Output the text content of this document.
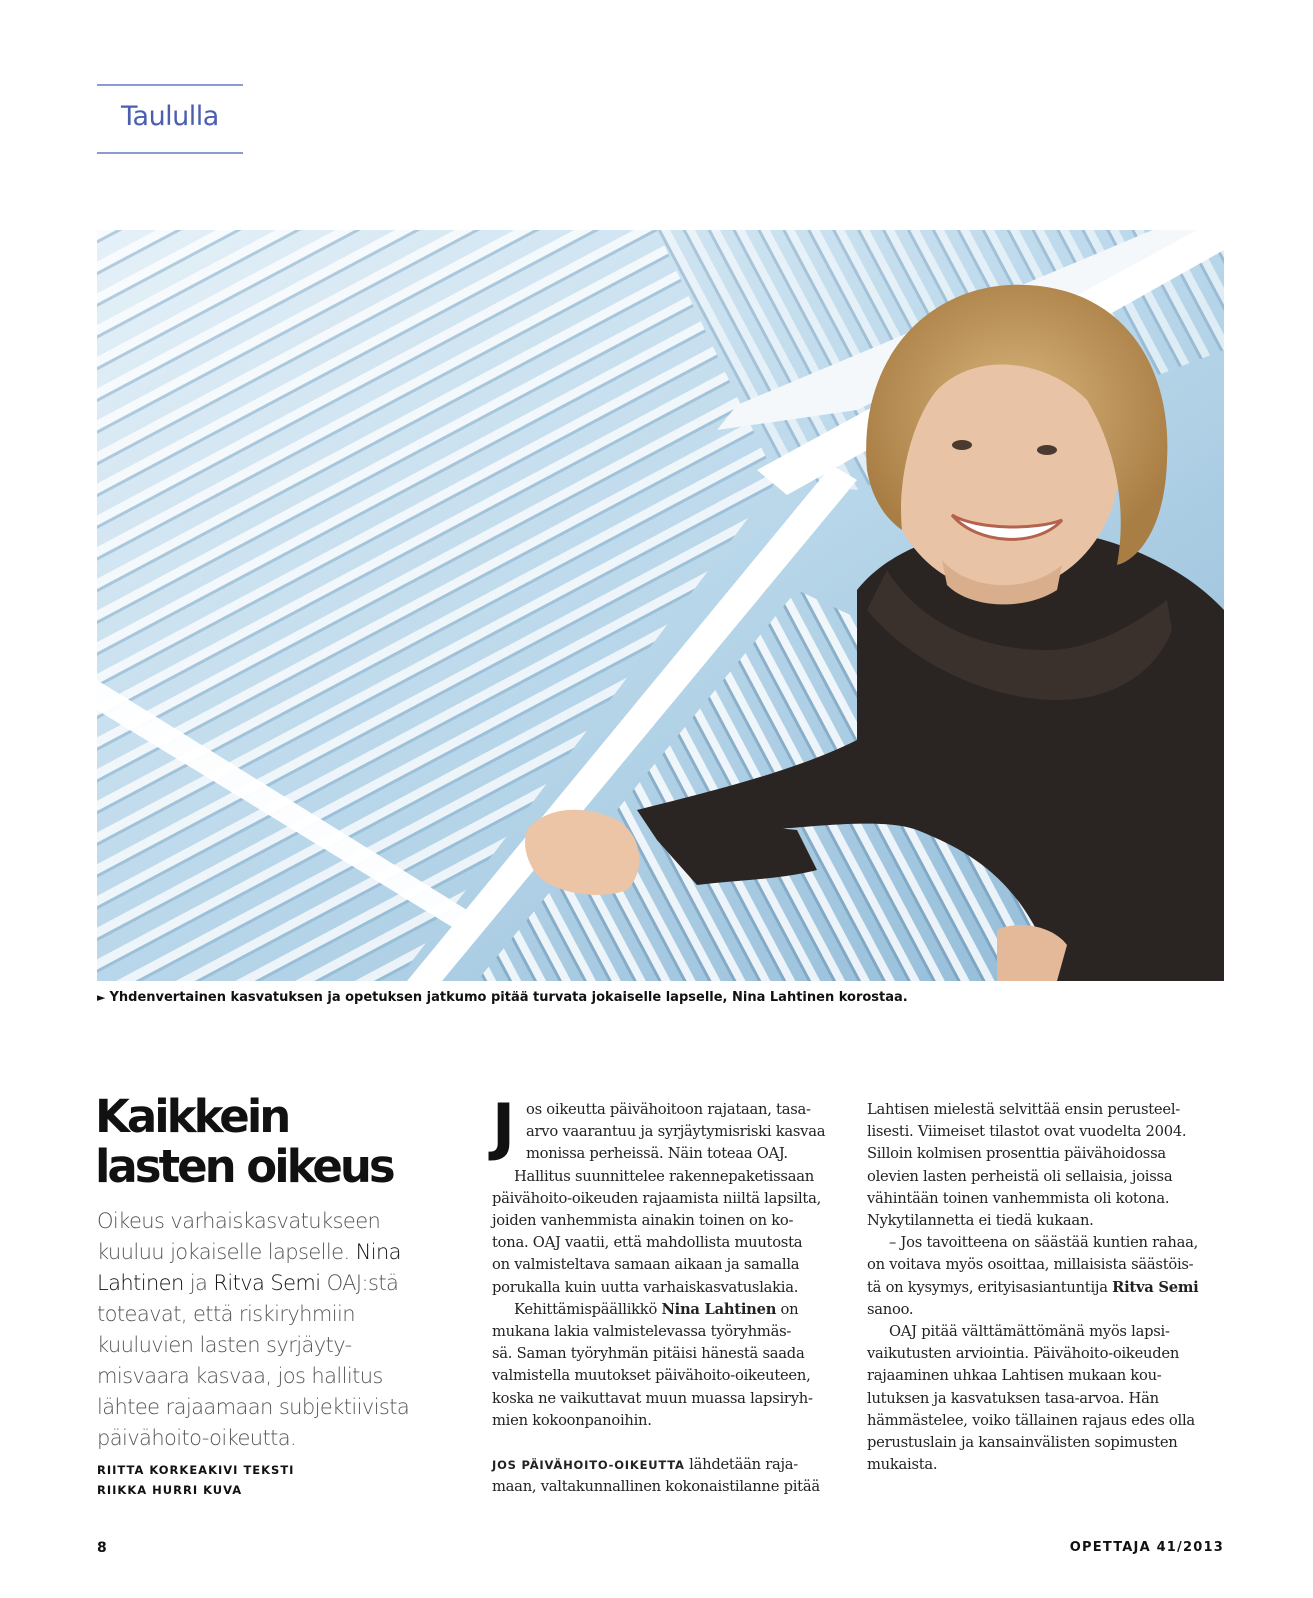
Taululla
► Yhdenvertainen kasvatuksen ja opetuksen jatkumo pitää turvata jokaiselle lapselle, Nina Lahtinen korostaa.
Kaikkein
lasten oikeus
Oikeus varhaiskasvatukseen
kuuluu jokaiselle lapselle. Nina
Lahtinen ja Ritva Semi OAJ:stä
toteavat, että riskiryhmiin
kuuluvien lasten syrjäyty-
misvaara kasvaa, jos hallitus
lähtee rajaamaan subjektiivista
päivähoito-oikeutta.
RIITTA KORKEAKIVI TEKSTI
RIIKKA HURRI KUVA
J os oikeutta päivähoitoon rajataan, tasa-

arvo vaarantuu ja syrjäytymisriski kasvaa

monissa perheissä. Näin toteaa OAJ.

Hallitus suunnittelee rakennepaketissaan

päivähoito-oikeuden rajaamista niiltä lapsilta,

joiden vanhemmista ainakin toinen on ko-

tona. OAJ vaatii, että mahdollista muutosta

on valmisteltava samaan aikaan ja samalla

porukalla kuin uutta varhaiskasvatuslakia.

Kehittämispäällikkö Nina Lahtinen on

mukana lakia valmistelevassa työryhmäs-

sä. Saman työryhmän pitäisi hänestä saada

valmistella muutokset päivähoito-oikeuteen,

koska ne vaikuttavat muun muassa lapsiryh-

mien kokoonpanoihin.

JOS PÄIVÄHOITO-OIKEUTTA lähdetään raja-

maan, valtakunnallinen kokonaistilanne pitää

Lahtisen mielestä selvittää ensin perusteel-

lisesti. Viimeiset tilastot ovat vuodelta 2004.

Silloin kolmisen prosenttia päivähoidossa

olevien lasten perheistä oli sellaisia, joissa

vähintään toinen vanhemmista oli kotona.

Nykytilannetta ei tiedä kukaan.

– Jos tavoitteena on säästää kuntien rahaa,

on voitava myös osoittaa, millaisista säästöis-

tä on kysymys, erityisasiantuntija Ritva Semi

sanoo.

OAJ pitää välttämättömänä myös lapsi-

vaikutusten arviointia. Päivähoito-oikeuden

rajaaminen uhkaa Lahtisen mukaan kou-

lutuksen ja kasvatuksen tasa-arvoa. Hän

hämmästelee, voiko tällainen rajaus edes olla

perustuslain ja kansainvälisten sopimusten

mukaista.

8	OPETTAJA 41/2013
